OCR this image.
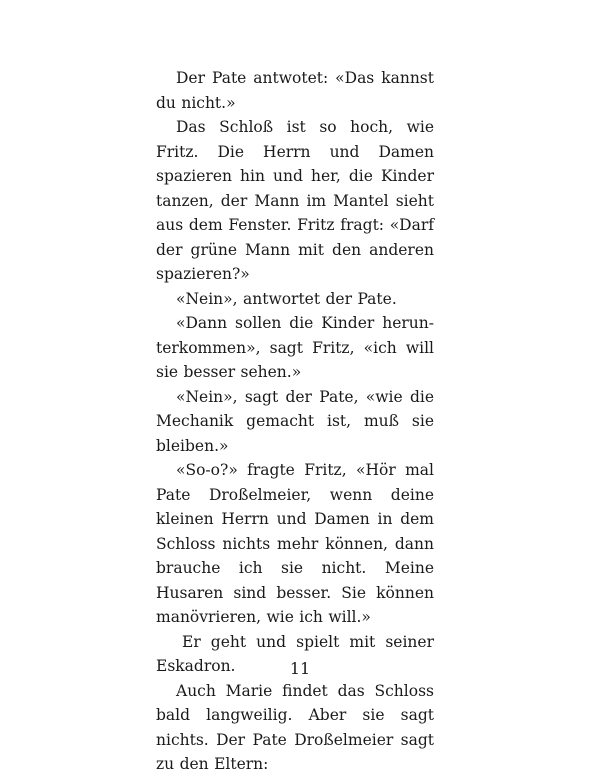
Der Pate antwotet: «Das kannst du nicht.»

Das Schloß ist so hoch, wie Fritz. Die Herrn und Damen spazieren hin und her, die Kinder tanzen, der Mann im Mantel sieht aus dem Fenster. Fritz fragt: «Darf der grüne Mann mit den anderen spazieren?»

«Nein», antwortet der Pate.

«Dann sollen die Kinder herunterkommen», sagt Fritz, «ich will sie besser sehen.»

«Nein», sagt der Pate, «wie die Mechanik gemacht ist, muß sie bleiben.»

«So-o?» fragte Fritz, «Hör mal Pate Droßelmeier, wenn deine kleinen Herrn und Damen in dem Schloss nichts mehr können, dann brauche ich sie nicht. Meine Husaren sind besser. Sie können manövrieren, wie ich will.»

Er geht und spielt mit seiner Eskadron.

Auch Marie findet das Schloss bald langweilig. Aber sie sagt nichts. Der Pate Droßelmeier sagt zu den Eltern:

11
